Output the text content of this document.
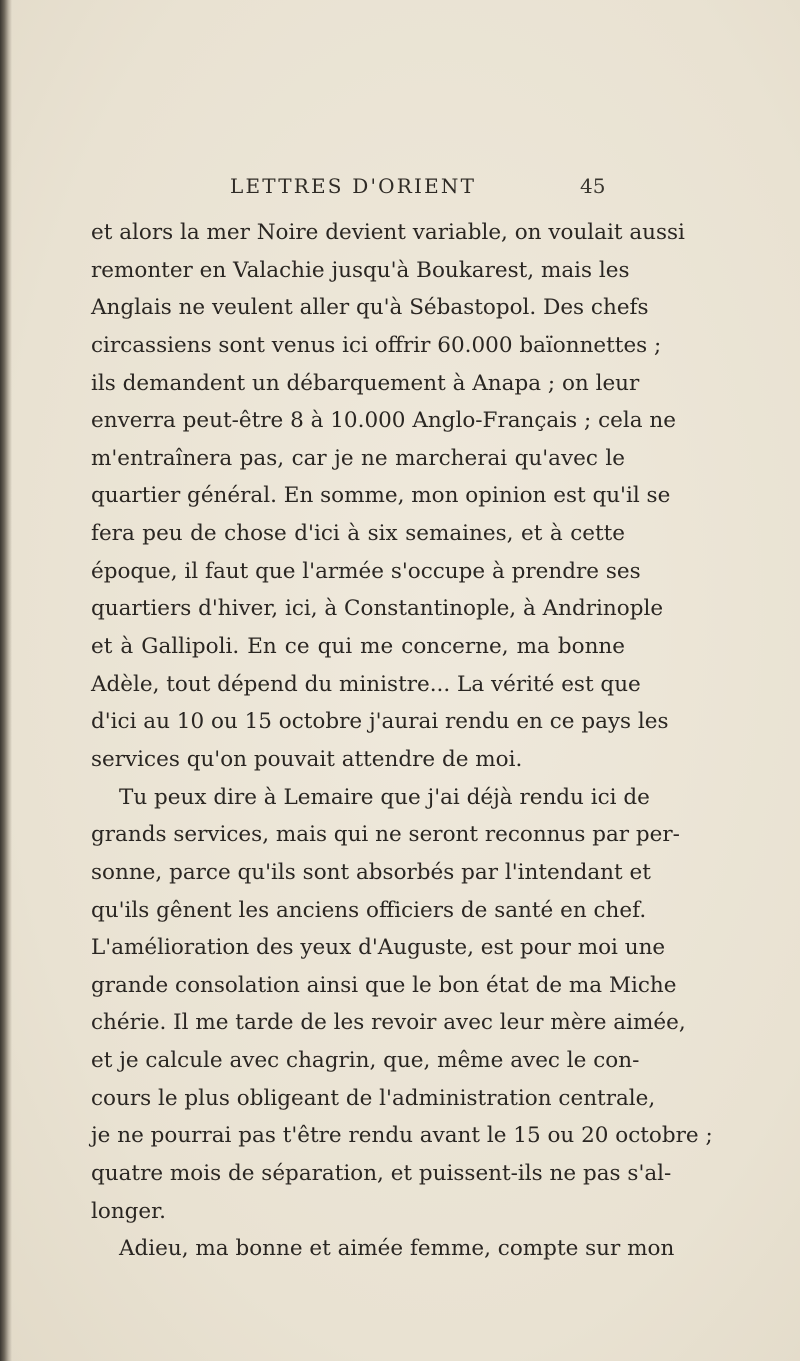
LETTRES D'ORIENT	45
et alors la mer Noire devient variable, on voulait aussi
remonter en Valachie jusqu'à Boukarest, mais les
Anglais ne veulent aller qu'à Sébastopol. Des chefs
circassiens sont venus ici offrir 60.000 baïonnettes ;
ils demandent un débarquement à Anapa ; on leur
enverra peut-être 8 à 10.000 Anglo-Français ; cela ne
m'entraînera pas, car je ne marcherai qu'avec le
quartier général. En somme, mon opinion est qu'il se
fera peu de chose d'ici à six semaines, et à cette
époque, il faut que l'armée s'occupe à prendre ses
quartiers d'hiver, ici, à Constantinople, à Andrinople
et à Gallipoli. En ce qui me concerne, ma bonne
Adèle, tout dépend du ministre... La vérité est que
d'ici au 10 ou 15 octobre j'aurai rendu en ce pays les
services qu'on pouvait attendre de moi.
Tu peux dire à Lemaire que j'ai déjà rendu ici de
grands services, mais qui ne seront reconnus par per-
sonne, parce qu'ils sont absorbés par l'intendant et
qu'ils gênent les anciens officiers de santé en chef.
L'amélioration des yeux d'Auguste, est pour moi une
grande consolation ainsi que le bon état de ma Miche
chérie. Il me tarde de les revoir avec leur mère aimée,
et je calcule avec chagrin, que, même avec le con-
cours le plus obligeant de l'administration centrale,
je ne pourrai pas t'être rendu avant le 15 ou 20 octobre ;
quatre mois de séparation, et puissent-ils ne pas s'al-
longer.
Adieu, ma bonne et aimée femme, compte sur mon
